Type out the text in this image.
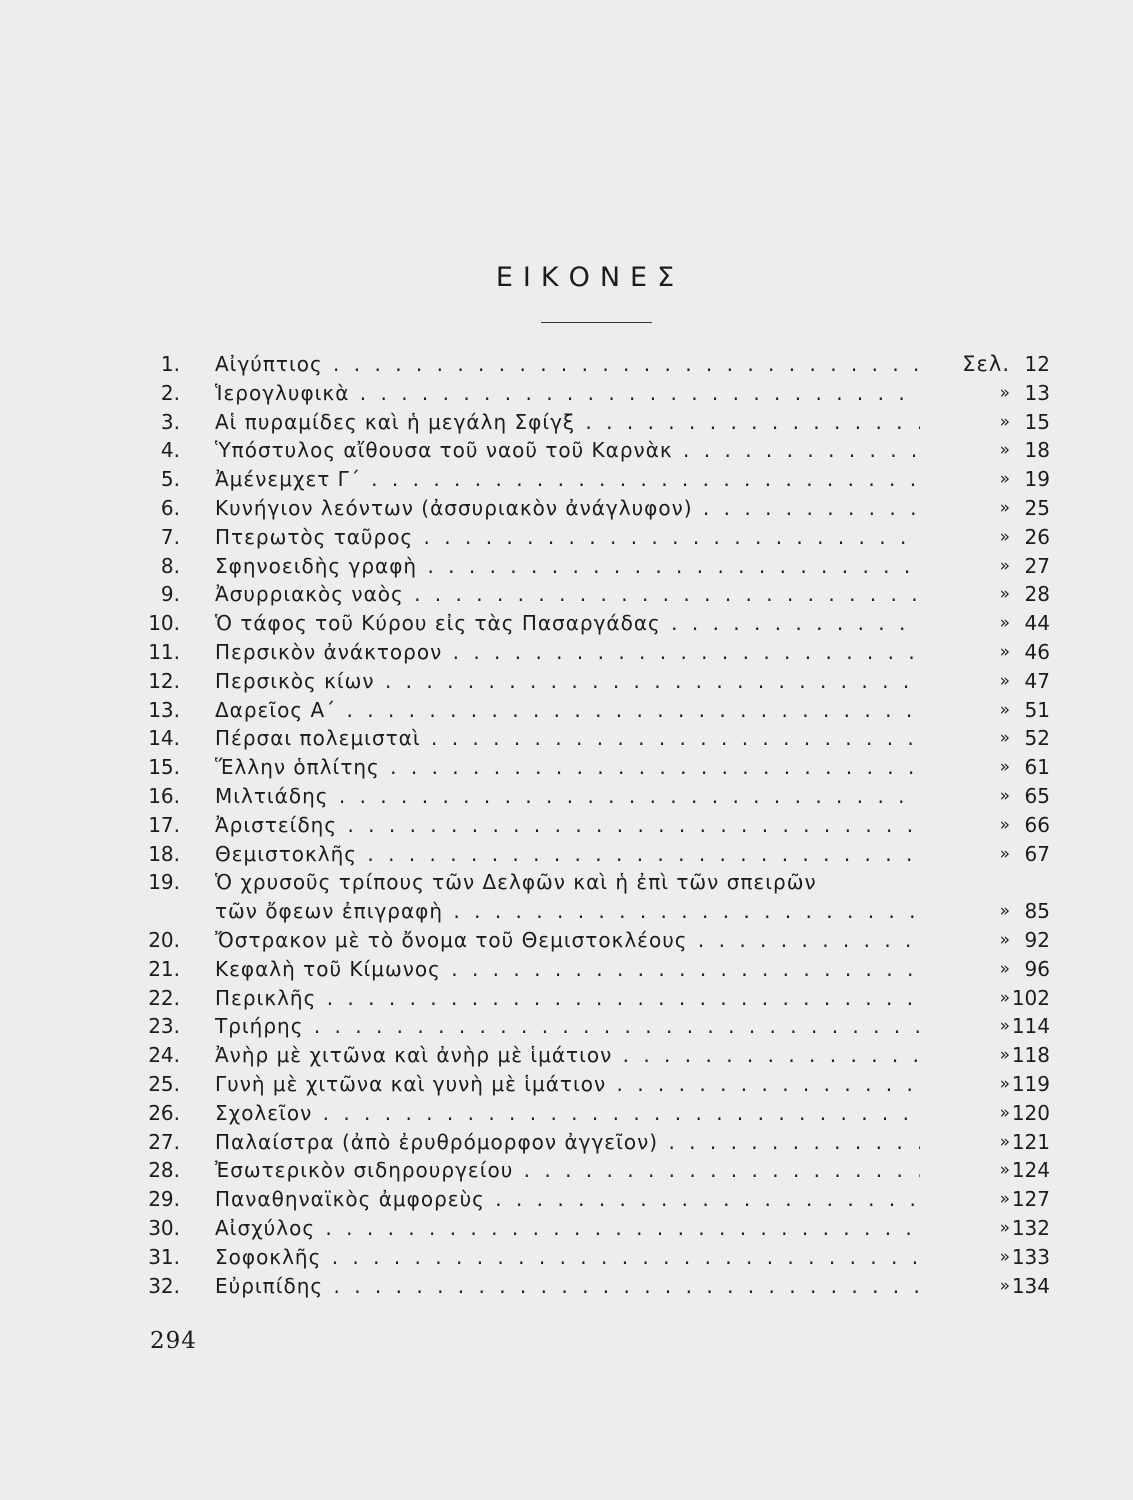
ΕΙΚΟΝΕΣ
1. Αἰγύπτιος . . .	Σελ. 12
2. Ἱερογλυφικὰ . . .	» 13
3. Αἱ πυραμίδες καὶ ἡ μεγάλη Σφίγξ . . .	» 15
4. Ὑπόστυλος αἴθουσα τοῦ ναοῦ τοῦ Καρνὰκ . . .	» 18
5. Ἀμένεμχετ Γ΄ . . .	» 19
6. Κυνήγιον λεόντων (ἀσσυριακὸν ἀνάγλυφον) . . .	» 25
7. Πτερωτὸς ταῦρος . . .	» 26
8. Σφηνοειδὴς γραφὴ . . .	» 27
9. Ἀσυρριακὸς ναὸς . . .	» 28
10. Ὁ τάφος τοῦ Κύρου εἰς τὰς Πασαργάδας . . .	» 44
11. Περσικὸν ἀνάκτορον . . .	» 46
12. Περσικὸς κίων . . .	» 47
13. Δαρεῖος Α΄ . . .	» 51
14. Πέρσαι πολεμισταὶ . . .	» 52
15. Ἕλλην ὁπλίτης . . .	» 61
16. Μιλτιάδης . . .	» 65
17. Ἀριστείδης . . .	» 66
18. Θεμιστοκλῆς . . .	» 67
19. Ὁ χρυσοῦς τρίπους τῶν Δελφῶν καὶ ἡ ἐπὶ τῶν σπειρῶν
τῶν ὄφεων ἐπιγραφὴ . . .	» 85
20. Ὄστρακον μὲ τὸ ὄνομα τοῦ Θεμιστοκλέους . . .	» 92
21. Κεφαλὴ τοῦ Κίμωνος . . .	» 96
22. Περικλῆς . . .	» 102
23. Τριήρης . . .	» 114
24. Ἀνὴρ μὲ χιτῶνα καὶ ἀνὴρ μὲ ἱμάτιον . . .	» 118
25. Γυνὴ μὲ χιτῶνα καὶ γυνὴ μὲ ἱμάτιον . . .	» 119
26. Σχολεῖον . . .	» 120
27. Παλαίστρα (ἀπὸ ἐρυθρόμορφον ἀγγεῖον) . . .	» 121
28. Ἐσωτερικὸν σιδηρουργείου . . .	» 124
29. Παναθηναϊκὸς ἀμφορεὺς . . .	» 127
30. Αἰσχύλος . . .	» 132
31. Σοφοκλῆς . . .	» 133
32. Εὐριπίδης . . .	» 134
294
